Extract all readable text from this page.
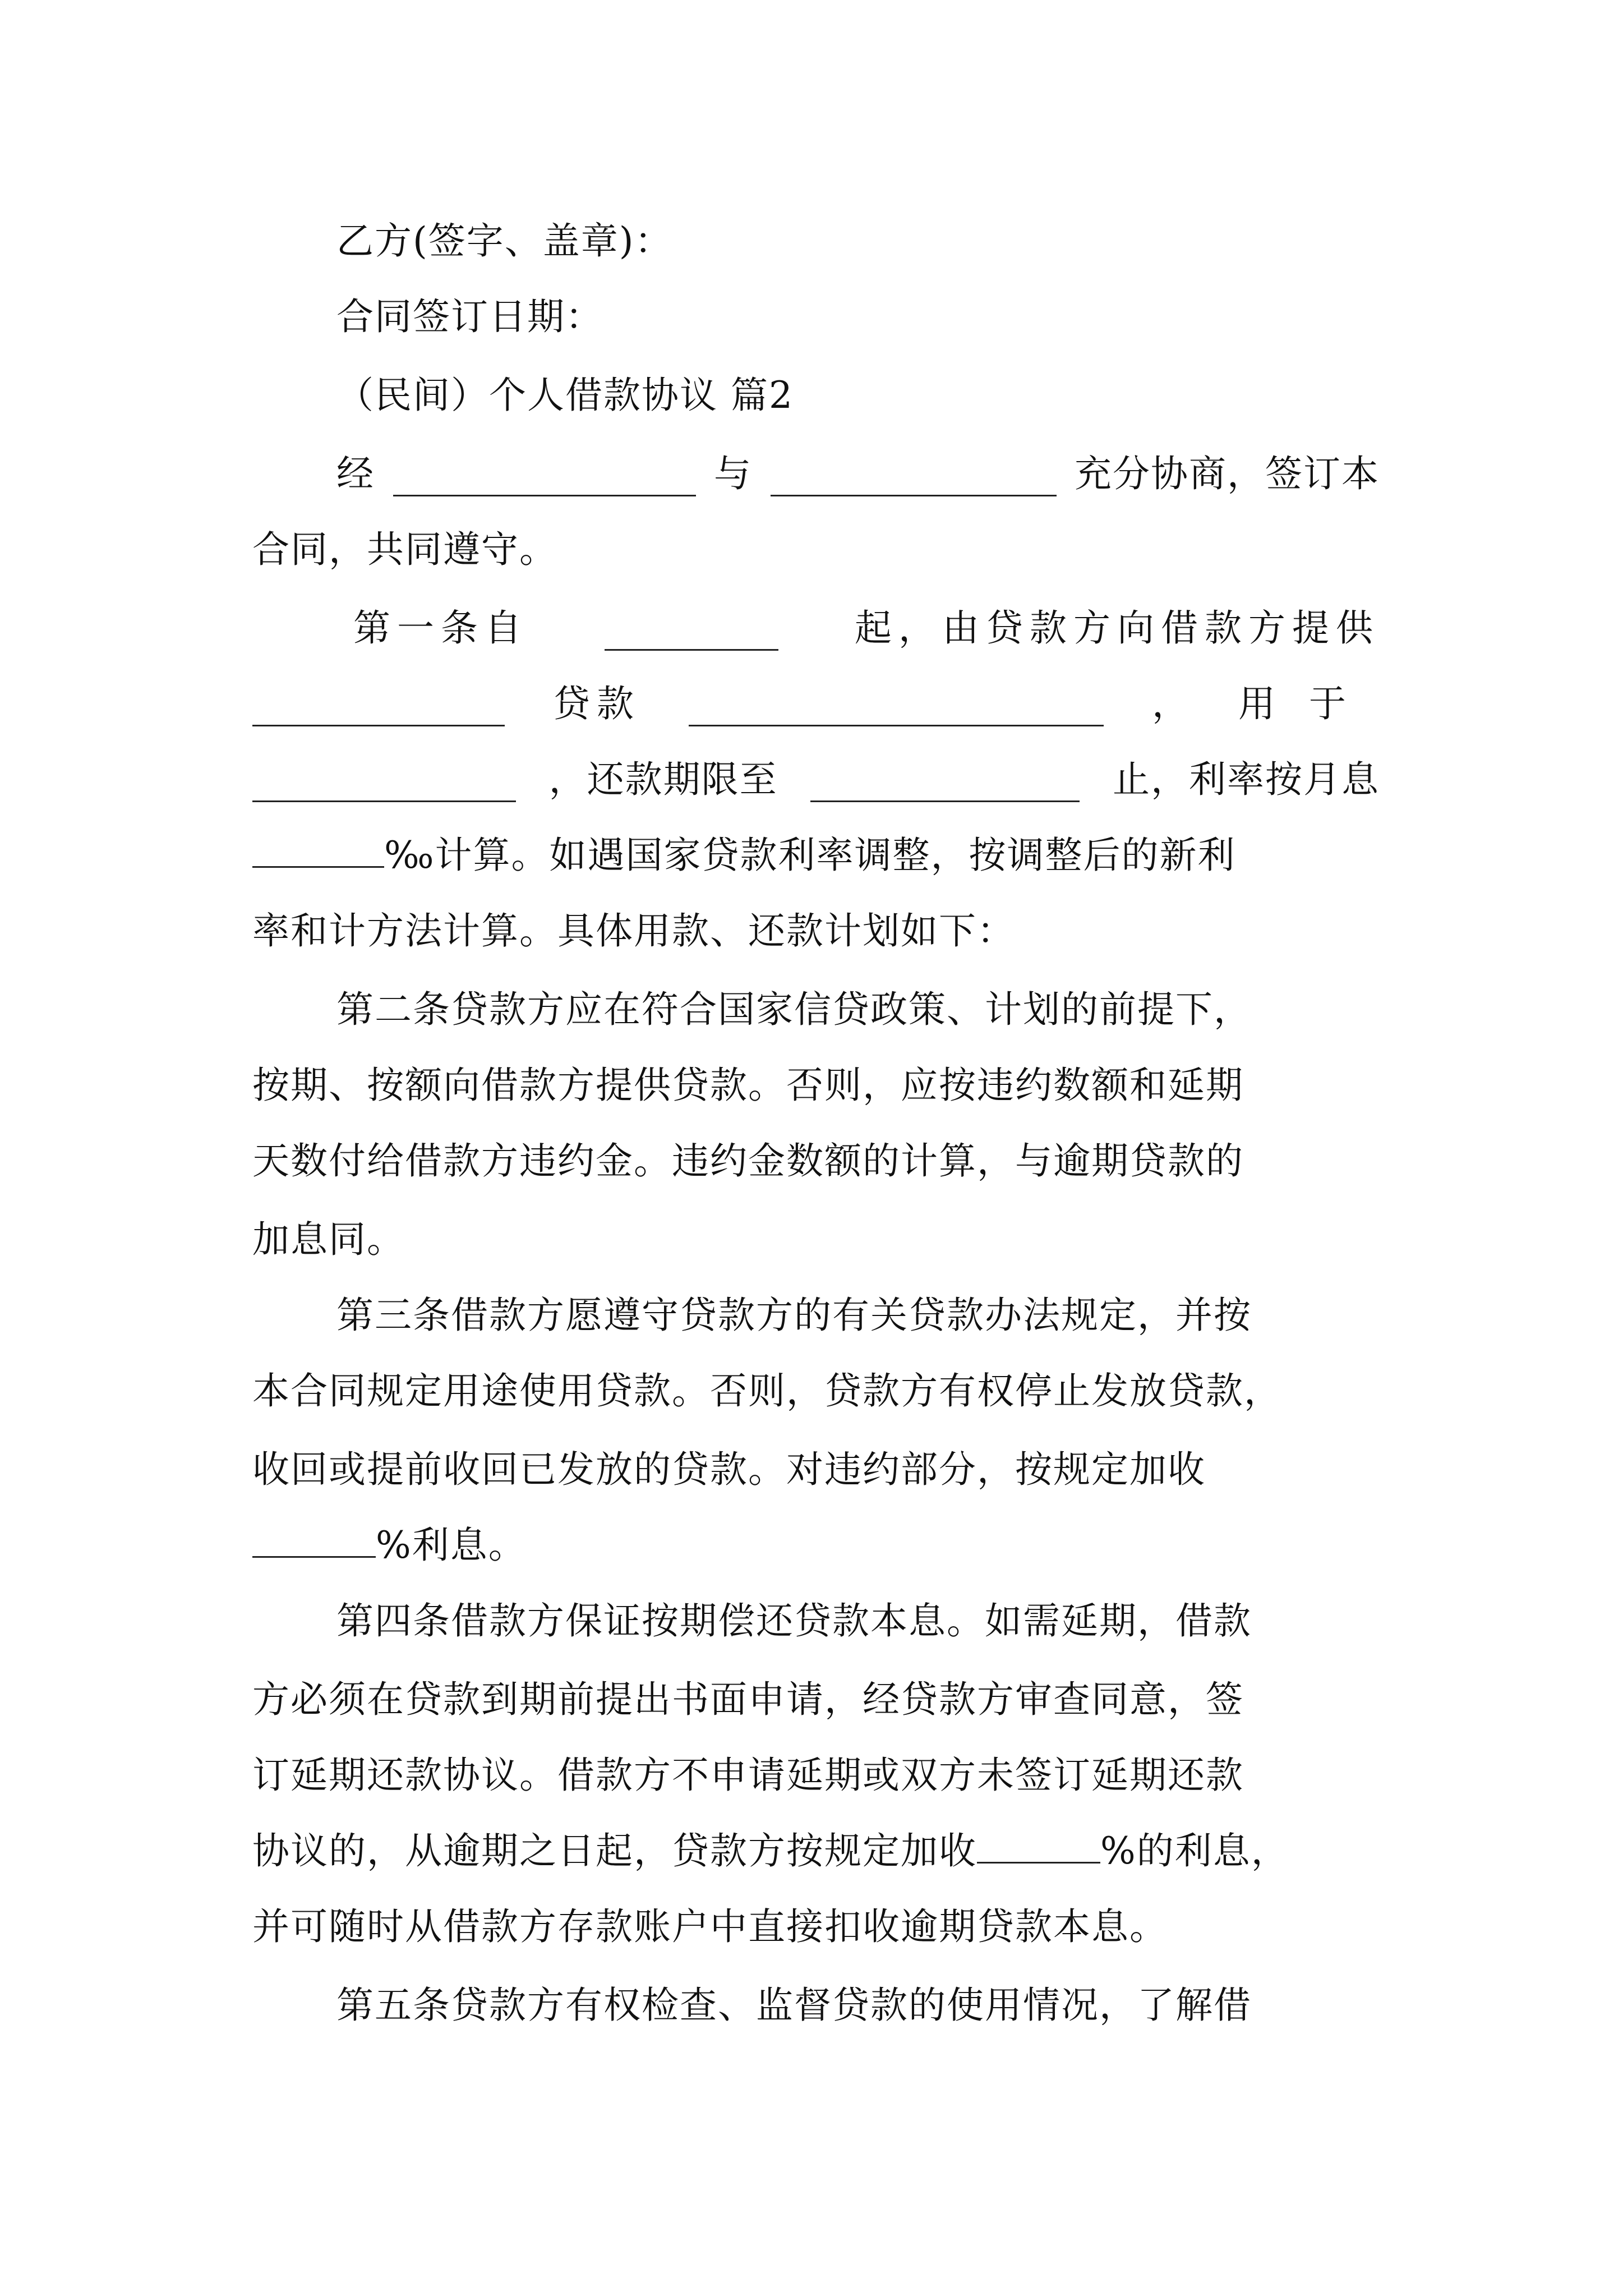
乙方(签字、盖章)：
合同签订日期：
（民间）个人借款协议 篇2
经	与	充分协商，签订本
合同，共同遵守。
第一条自	起，由贷款方向借款方提供
贷款	， 用于
，还款期限至	止，利率按月息
‰计算。如遇国家贷款利率调整，按调整后的新利
率和计方法计算。具体用款、还款计划如下：
第二条贷款方应在符合国家信贷政策、计划的前提下，
按期、按额向借款方提供贷款。否则，应按违约数额和延期
天数付给借款方违约金。违约金数额的计算，与逾期贷款的
加息同。
第三条借款方愿遵守贷款方的有关贷款办法规定，并按
本合同规定用途使用贷款。否则，贷款方有权停止发放贷款，
收回或提前收回已发放的贷款。对违约部分，按规定加收
%利息。
第四条借款方保证按期偿还贷款本息。如需延期，借款
方必须在贷款到期前提出书面申请，经贷款方审查同意，签
订延期还款协议。借款方不申请延期或双方未签订延期还款
协议的，从逾期之日起，贷款方按规定加收	%的利息，
并可随时从借款方存款账户中直接扣收逾期贷款本息。
第五条贷款方有权检查、监督贷款的使用情况，了解借
